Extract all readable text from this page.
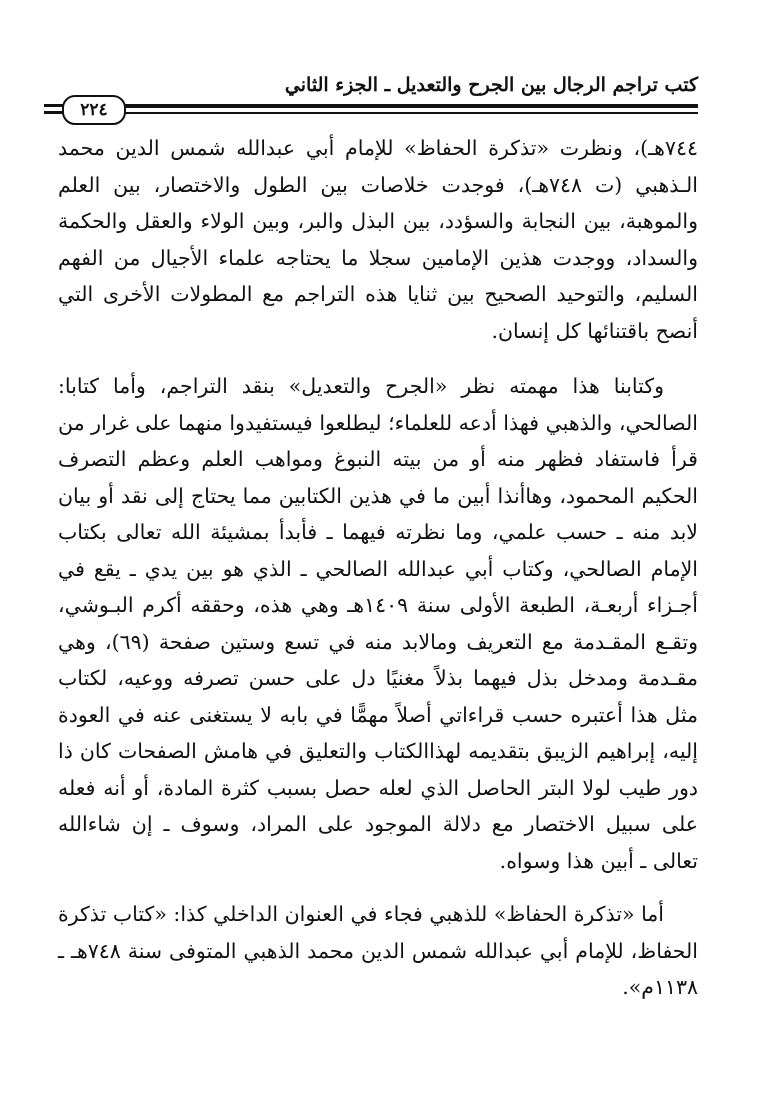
كتب تراجم الرجال بين الجرح والتعديل ـ الجزء الثاني
٢٢٤

٧٤٤هـ)، ونظرت «تذكرة الحفاظ» للإمام أبي عبدالله شمس الدين محمد الـذهبي (ت ٧٤٨هـ)، فوجدت خلاصات بين الطول والاختصار، بين العلم والموهبة، بين النجابة والسؤدد، بين البذل والبر، وبين الولاء والعقل والحكمة والسداد، ووجدت هذين الإمامين سجلا ما يحتاجه علماء الأجيال من الفهم السليم، والتوحيد الصحيح بين ثنايا هذه التراجم مع المطولات الأخرى التي أنصح باقتنائها كل إنسان.

وكتابنا هذا مهمته نظر «الجرح والتعديل» بنقد التراجم، وأما كتابا: الصالحي، والذهبي فهذا أدعه للعلماء؛ ليطلعوا فيستفيدوا منهما على غرار من قرأ فاستفاد فظهر منه أو من بيته النبوغ ومواهب العلم وعظم التصرف الحكيم المحمود، وهاأنذا أبين ما في هذين الكتابين مما يحتاج إلى نقد أو بيان لابد منه ـ حسب علمي، وما نظرته فيهما ـ فأبدأ بمشيئة الله تعالى بكتاب الإمام الصالحي، وكتاب أبي عبدالله الصالحي ـ الذي هو بين يدي ـ يقع في أجـزاء أربعـة، الطبعة الأولى سنة ١٤٠٩هـ وهي هذه، وحققه أكرم البـوشي، وتقـع المقـدمة مع التعريف ومالابد منه في تسع وستين صفحة (٦٩)، وهي مقـدمة ومدخل بذل فيهما بذلاً مغنيًا دل على حسن تصرفه ووعيه، لكتاب مثل هذا أعتبره حسب قراءاتي أصلاً مهمًّا في بابه لا يستغنى عنه في العودة إليه، إبراهيم الزيبق بتقديمه لهذاالكتاب والتعليق في هامش الصفحات كان ذا دور طيب لولا البتر الحاصل الذي لعله حصل بسبب كثرة المادة، أو أنه فعله على سبيل الاختصار مع دلالة الموجود على المراد، وسوف ـ إن شاءالله تعالى ـ أبين هذا وسواه.

أما «تذكرة الحفاظ» للذهبي فجاء في العنوان الداخلي كذا: «كتاب تذكرة الحفاظ، للإمام أبي عبدالله شمس الدين محمد الذهبي المتوفى سنة ٧٤٨هـ ـ ١١٣٨م».
